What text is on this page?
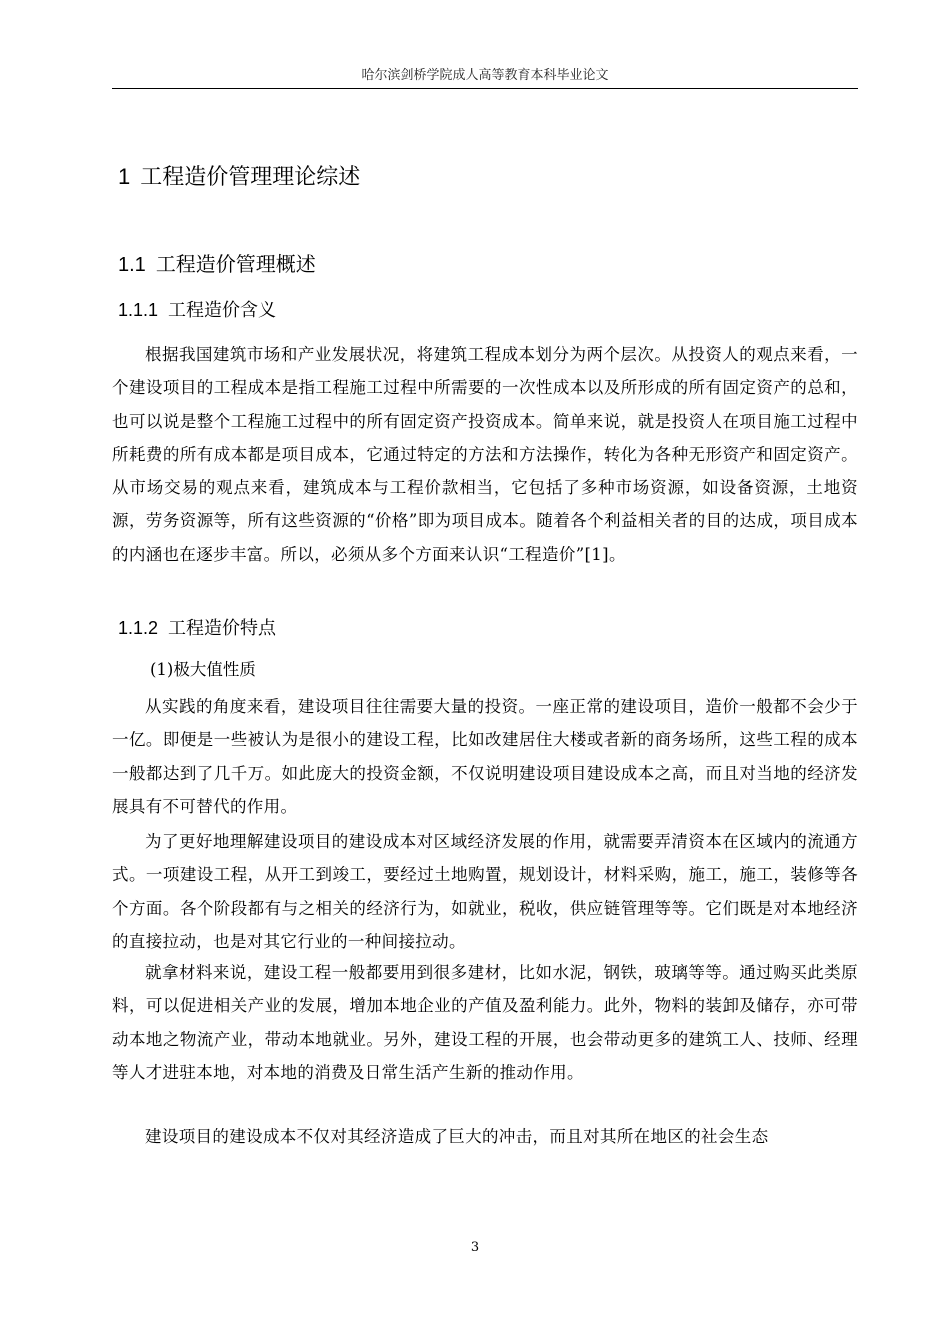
哈尔滨剑桥学院成人高等教育本科毕业论文
1 工程造价管理理论综述
1.1 工程造价管理概述
1.1.1 工程造价含义
根据我国建筑市场和产业发展状况，将建筑工程成本划分为两个层次。从投资人的观点来看，一个建设项目的工程成本是指工程施工过程中所需要的一次性成本以及所形成的所有固定资产的总和，也可以说是整个工程施工过程中的所有固定资产投资成本。简单来说，就是投资人在项目施工过程中所耗费的所有成本都是项目成本，它通过特定的方法和方法操作，转化为各种无形资产和固定资产。从市场交易的观点来看，建筑成本与工程价款相当，它包括了多种市场资源，如设备资源，土地资源，劳务资源等，所有这些资源的“价格”即为项目成本。随着各个利益相关者的目的达成，项目成本的内涵也在逐步丰富。所以，必须从多个方面来认识“工程造价”[1]。
1.1.2 工程造价特点
(1)极大值性质
从实践的角度来看，建设项目往往需要大量的投资。一座正常的建设项目，造价一般都不会少于一亿。即便是一些被认为是很小的建设工程，比如改建居住大楼或者新的商务场所，这些工程的成本一般都达到了几千万。如此庞大的投资金额，不仅说明建设项目建设成本之高，而且对当地的经济发展具有不可替代的作用。
为了更好地理解建设项目的建设成本对区域经济发展的作用，就需要弄清资本在区域内的流通方式。一项建设工程，从开工到竣工，要经过土地购置，规划设计，材料采购，施工，施工，装修等各个方面。各个阶段都有与之相关的经济行为，如就业，税收，供应链管理等等。它们既是对本地经济的直接拉动，也是对其它行业的一种间接拉动。
就拿材料来说，建设工程一般都要用到很多建材，比如水泥，钢铁，玻璃等等。通过购买此类原料，可以促进相关产业的发展，增加本地企业的产值及盈利能力。此外，物料的装卸及储存，亦可带动本地之物流产业，带动本地就业。另外，建设工程的开展，也会带动更多的建筑工人、技师、经理等人才进驻本地，对本地的消费及日常生活产生新的推动作用。
建设项目的建设成本不仅对其经济造成了巨大的冲击，而且对其所在地区的社会生态
3
